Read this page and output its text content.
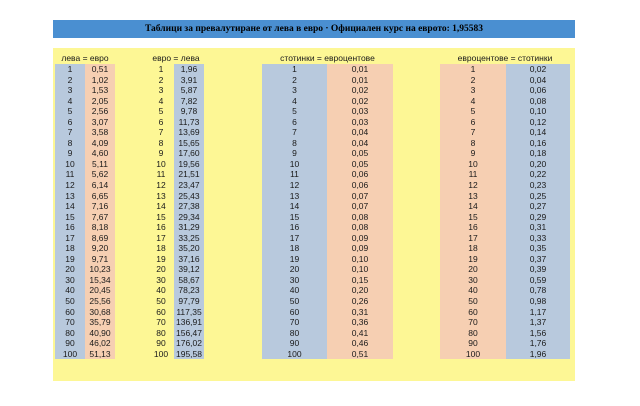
Таблици за превалутиране от лева в евро · Официален курс на еврото: 1,95583
лева = евро
1	0,51
2	1,02
3	1,53
4	2,05
5	2,56
6	3,07
7	3,58
8	4,09
9	4,60
10	5,11
11	5,62
12	6,14
13	6,65
14	7,16
15	7,67
16	8,18
17	8,69
18	9,20
19	9,71
20	10,23
30	15,34
40	20,45
50	25,56
60	30,68
70	35,79
80	40,90
90	46,02
100	51,13
евро = лева
1	1,96
2	3,91
3	5,87
4	7,82
5	9,78
6	11,73
7	13,69
8	15,65
9	17,60
10	19,56
11	21,51
12	23,47
13	25,43
14	27,38
15	29,34
16	31,29
17	33,25
18	35,20
19	37,16
20	39,12
30	58,67
40	78,23
50	97,79
60	117,35
70	136,91
80	156,47
90	176,02
100 195,58
стотинки = евроцентове
1	0,01
2	0,01
3	0,02
4	0,02
5	0,03
6	0,03
7	0,04
8	0,04
9	0,05
10	0,05
11	0,06
12	0,06
13	0,07
14	0,07
15	0,08
16	0,08
17	0,09
18	0,09
19	0,10
20	0,10
30	0,15
40	0,20
50	0,26
60	0,31
70	0,36
80	0,41
90	0,46
100	0,51
евроцентове = стотинки
1	0,02
2	0,04
3	0,06
4	0,08
5	0,10
6	0,12
7	0,14
8	0,16
9	0,18
10	0,20
11	0,22
12	0,23
13	0,25
14	0,27
15	0,29
16	0,31
17	0,33
18	0,35
19	0,37
20	0,39
30	0,59
40	0,78
50	0,98
60	1,17
70	1,37
80	1,56
90	1,76
100	1,96
